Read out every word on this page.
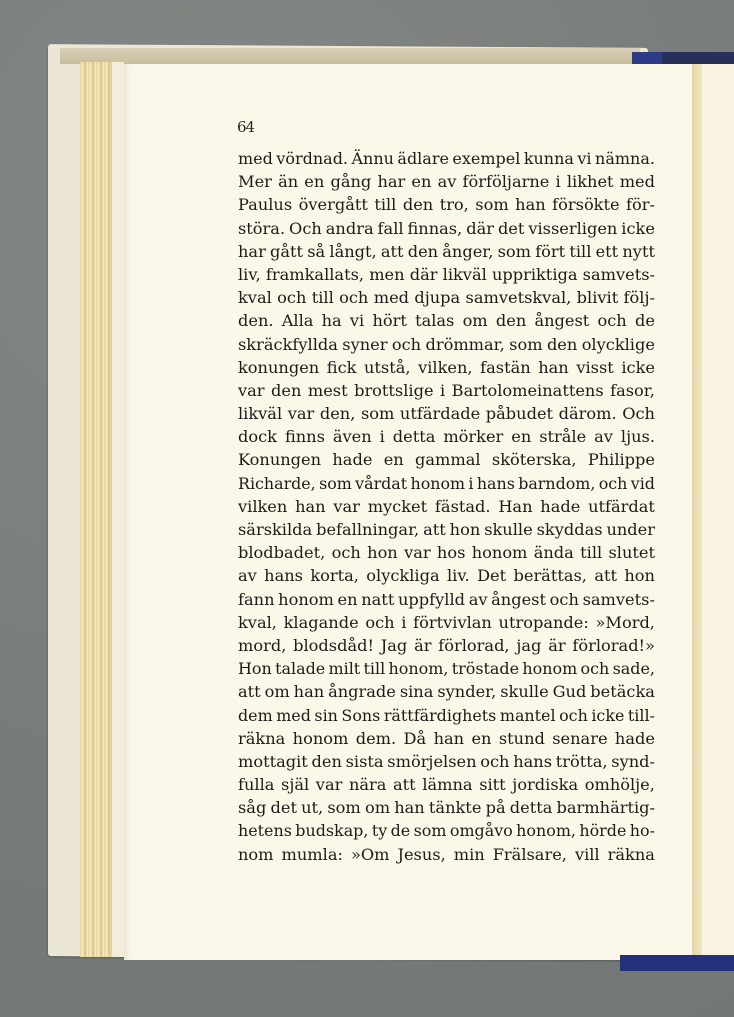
64
med vördnad. Ännu ädlare exempel kunna vi nämna.
Mer än en gång har en av förföljarne i likhet med
Paulus övergått till den tro, som han försökte för-
störa. Och andra fall finnas, där det visserligen icke
har gått så långt, att den ånger, som fört till ett nytt
liv, framkallats, men där likväl uppriktiga samvets-
kval och till och med djupa samvetskval, blivit följ-
den. Alla ha vi hört talas om den ångest och de
skräckfyllda syner och drömmar, som den olycklige
konungen fick utstå, vilken, fastän han visst icke
var den mest brottslige i Bartolomeinattens fasor,
likväl var den, som utfärdade påbudet därom. Och
dock finns även i detta mörker en stråle av ljus.
Konungen hade en gammal sköterska, Philippe
Richarde, som vårdat honom i hans barndom, och vid
vilken han var mycket fästad. Han hade utfärdat
särskilda befallningar, att hon skulle skyddas under
blodbadet, och hon var hos honom ända till slutet
av hans korta, olyckliga liv. Det berättas, att hon
fann honom en natt uppfylld av ångest och samvets-
kval, klagande och i förtvivlan utropande: »Mord,
mord, blodsdåd! Jag är förlorad, jag är förlorad!»
Hon talade milt till honom, tröstade honom och sade,
att om han ångrade sina synder, skulle Gud betäcka
dem med sin Sons rättfärdighets mantel och icke till-
räkna honom dem. Då han en stund senare hade
mottagit den sista smörjelsen och hans trötta, synd-
fulla själ var nära att lämna sitt jordiska omhölje,
såg det ut, som om han tänkte på detta barmhärtig-
hetens budskap, ty de som omgåvo honom, hörde ho-
nom mumla: »Om Jesus, min Frälsare, vill räkna
